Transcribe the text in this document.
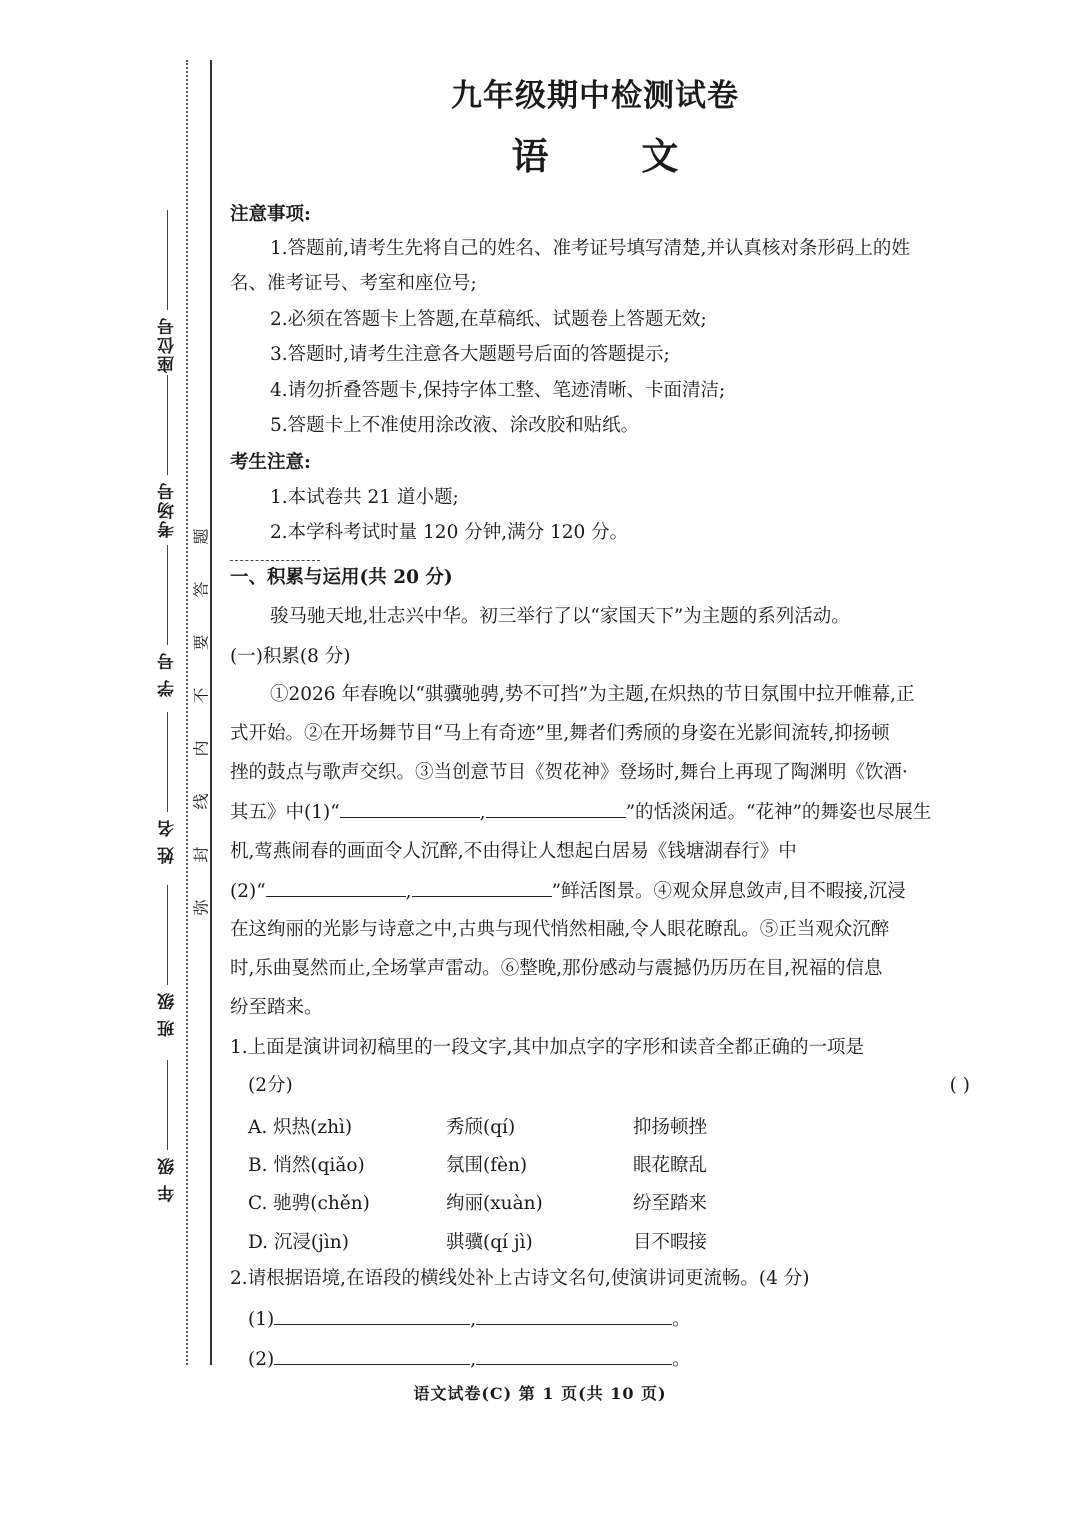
座位号
考场号
学 号
姓 名
班 级
年 级
题
答
要
不
内
线
封
弥
九年级期中检测试卷
语 文
注意事项:
1.答题前,请考生先将自己的姓名、准考证号填写清楚,并认真核对条形码上的姓
名、准考证号、考室和座位号;
2.必须在答题卡上答题,在草稿纸、试题卷上答题无效;
3.答题时,请考生注意各大题题号后面的答题提示;
4.请勿折叠答题卡,保持字体工整、笔迹清晰、卡面清洁;
5.答题卡上不准使用涂改液、涂改胶和贴纸。
考生注意:
1.本试卷共 21 道小题;
2.本学科考试时量 120 分钟,满分 120 分。
一、积累与运用(共 20 分)
骏马驰天地,壮志兴中华。初三举行了以“家国天下”为主题的系列活动。
(一)积累(8 分)
①2026 年春晚以“骐骥驰骋,势不可挡”为主题,在炽热的节日氛围中拉开帷幕,正
式开始。②在开场舞节目“马上有奇迹”里,舞者们秀颀的身姿在光影间流转,抑扬顿
挫的鼓点与歌声交织。③当创意节目《贺花神》登场时,舞台上再现了陶渊明《饮酒·
其五》中(1)“	,	”的恬淡闲适。“花神”的舞姿也尽展生
机,莺燕闹春的画面令人沉醉,不由得让人想起白居易《钱塘湖春行》中
(2)“	,	”鲜活图景。④观众屏息敛声,目不暇接,沉浸
在这绚丽的光影与诗意之中,古典与现代悄然相融,令人眼花瞭乱。⑤正当观众沉醉
时,乐曲戛然而止,全场掌声雷动。⑥整晚,那份感动与震撼仍历历在目,祝福的信息
纷至踏来。
1.上面是演讲词初稿里的一段文字,其中加点字的字形和读音全都正确的一项是
(2分)	( )
A. 炽热(zhì)	秀颀(qí)	抑扬顿挫
B. 悄然(qiǎo)	氛围(fèn)	眼花瞭乱
C. 驰骋(chěn)	绚丽(xuàn)	纷至踏来
D. 沉浸(jìn)	骐骥(qí jì)	目不暇接
2.请根据语境,在语段的横线处补上古诗文名句,使演讲词更流畅。(4 分)
(1)	,	。
(2)	,	。
语文试卷(C) 第 1 页(共 10 页)
